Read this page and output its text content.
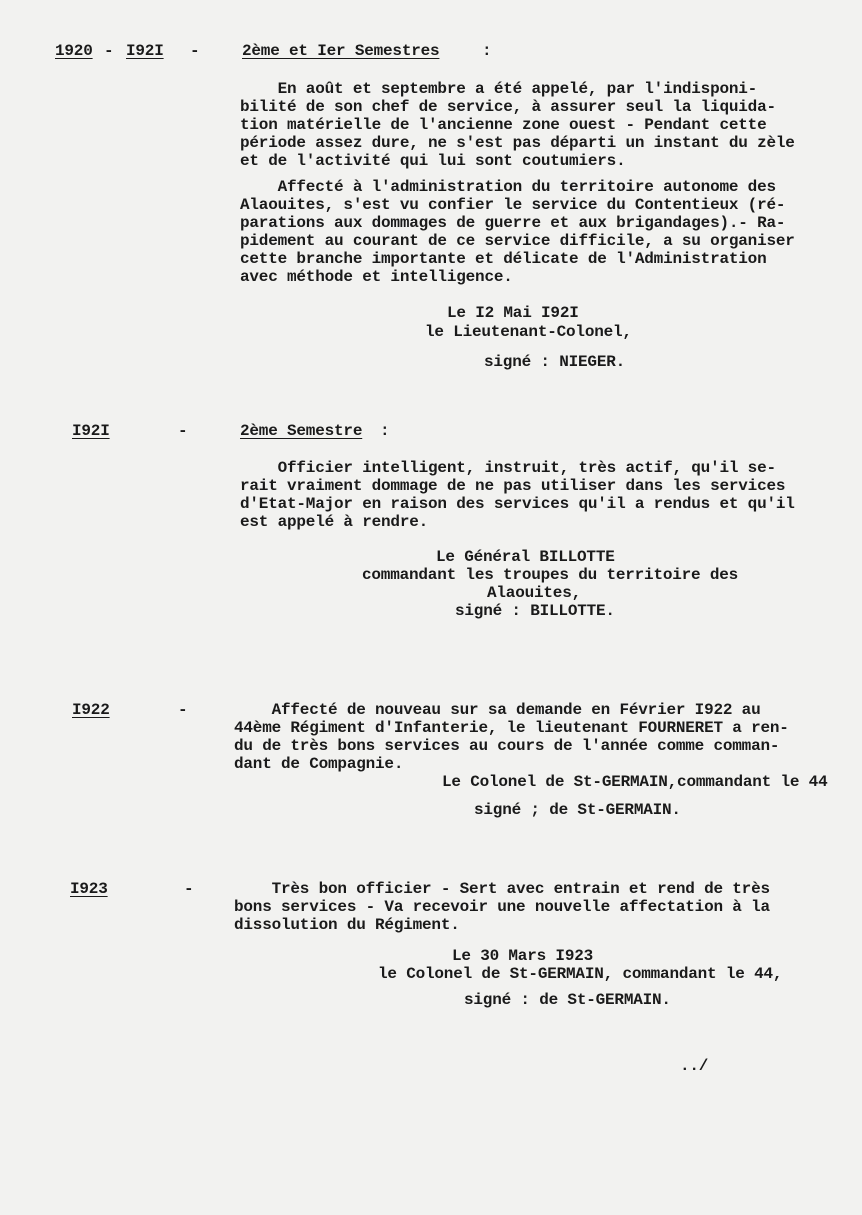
1920 - I92I -	2ème et Ier Semestres	:
En août et septembre a été appelé, par l'indisponi-
bilité de son chef de service, à assurer seul la liquida-
tion matérielle de l'ancienne zone ouest - Pendant cette
période assez dure, ne s'est pas départi un instant du zèle
et de l'activité qui lui sont coutumiers.
Affecté à l'administration du territoire autonome des
Alaouites, s'est vu confier le service du Contentieux (ré-
parations aux dommages de guerre et aux brigandages).- Ra-
pidement au courant de ce service difficile, a su organiser
cette branche importante et délicate de l'Administration
avec méthode et intelligence.
Le I2 Mai I92I
le Lieutenant-Colonel,
signé : NIEGER.
I92I	-	2ème Semestre :
Officier intelligent, instruit, très actif, qu'il se-
rait vraiment dommage de ne pas utiliser dans les services
d'Etat-Major en raison des services qu'il a rendus et qu'il
est appelé à rendre.
Le Général BILLOTTE
commandant les troupes du territoire des
Alaouites,
signé : BILLOTTE.
I922	-	Affecté de nouveau sur sa demande en Février I922 au
44ème Régiment d'Infanterie, le lieutenant FOURNERET a ren-
du de très bons services au cours de l'année comme comman-
dant de Compagnie.
Le Colonel de St-GERMAIN,commandant le 44
signé ; de St-GERMAIN.
I923	-	Très bon officier - Sert avec entrain et rend de très
bons services - Va recevoir une nouvelle affectation à la
dissolution du Régiment.
Le 30 Mars I923
le Colonel de St-GERMAIN, commandant le 44,
signé : de St-GERMAIN.
../
